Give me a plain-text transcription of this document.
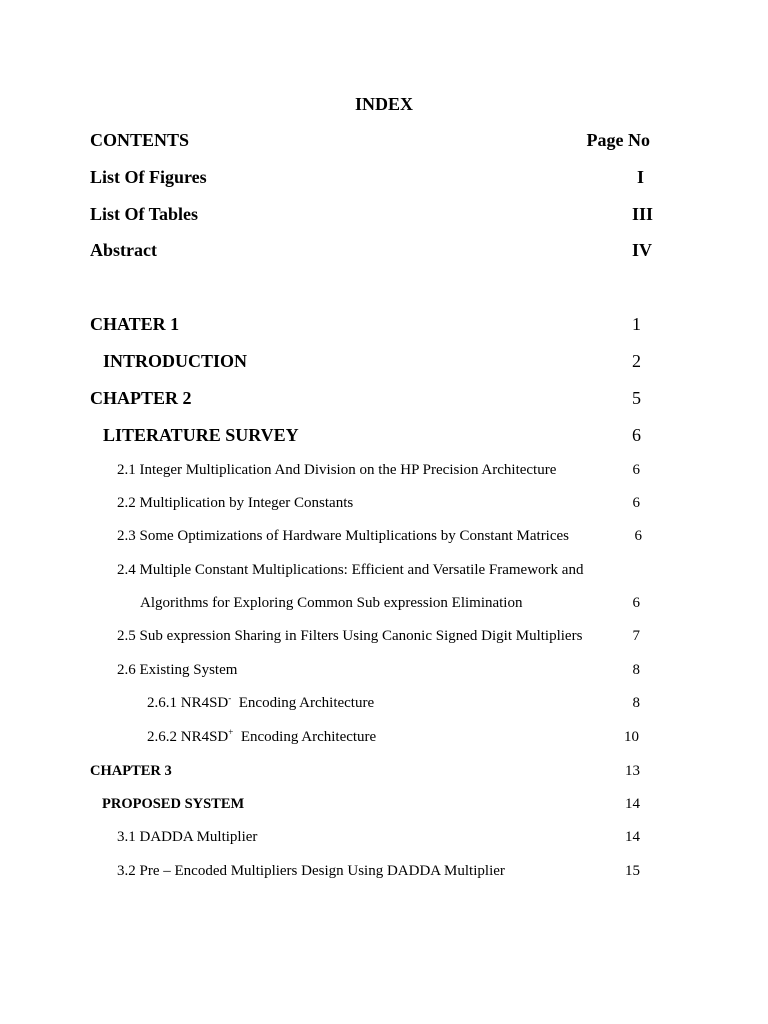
INDEX
CONTENTS	Page No
List Of Figures	I
List Of Tables	III
Abstract	IV
CHATER 1	1
INTRODUCTION	2
CHAPTER 2	5
LITERATURE SURVEY	6
2.1 Integer Multiplication And Division on the HP Precision Architecture	6
2.2 Multiplication by Integer Constants	6
2.3 Some Optimizations of Hardware Multiplications by Constant Matrices	6
2.4 Multiple Constant Multiplications: Efficient and Versatile Framework and
Algorithms for Exploring Common Sub expression Elimination	6
2.5 Sub expression Sharing in Filters Using Canonic Signed Digit Multipliers	7
2.6 Existing System	8
2.6.1 NR4SD-  Encoding Architecture	8
2.6.2 NR4SD+  Encoding Architecture	10
CHAPTER 3	13
PROPOSED SYSTEM	14
3.1 DADDA Multiplier	14
3.2 Pre – Encoded Multipliers Design Using DADDA Multiplier	15
